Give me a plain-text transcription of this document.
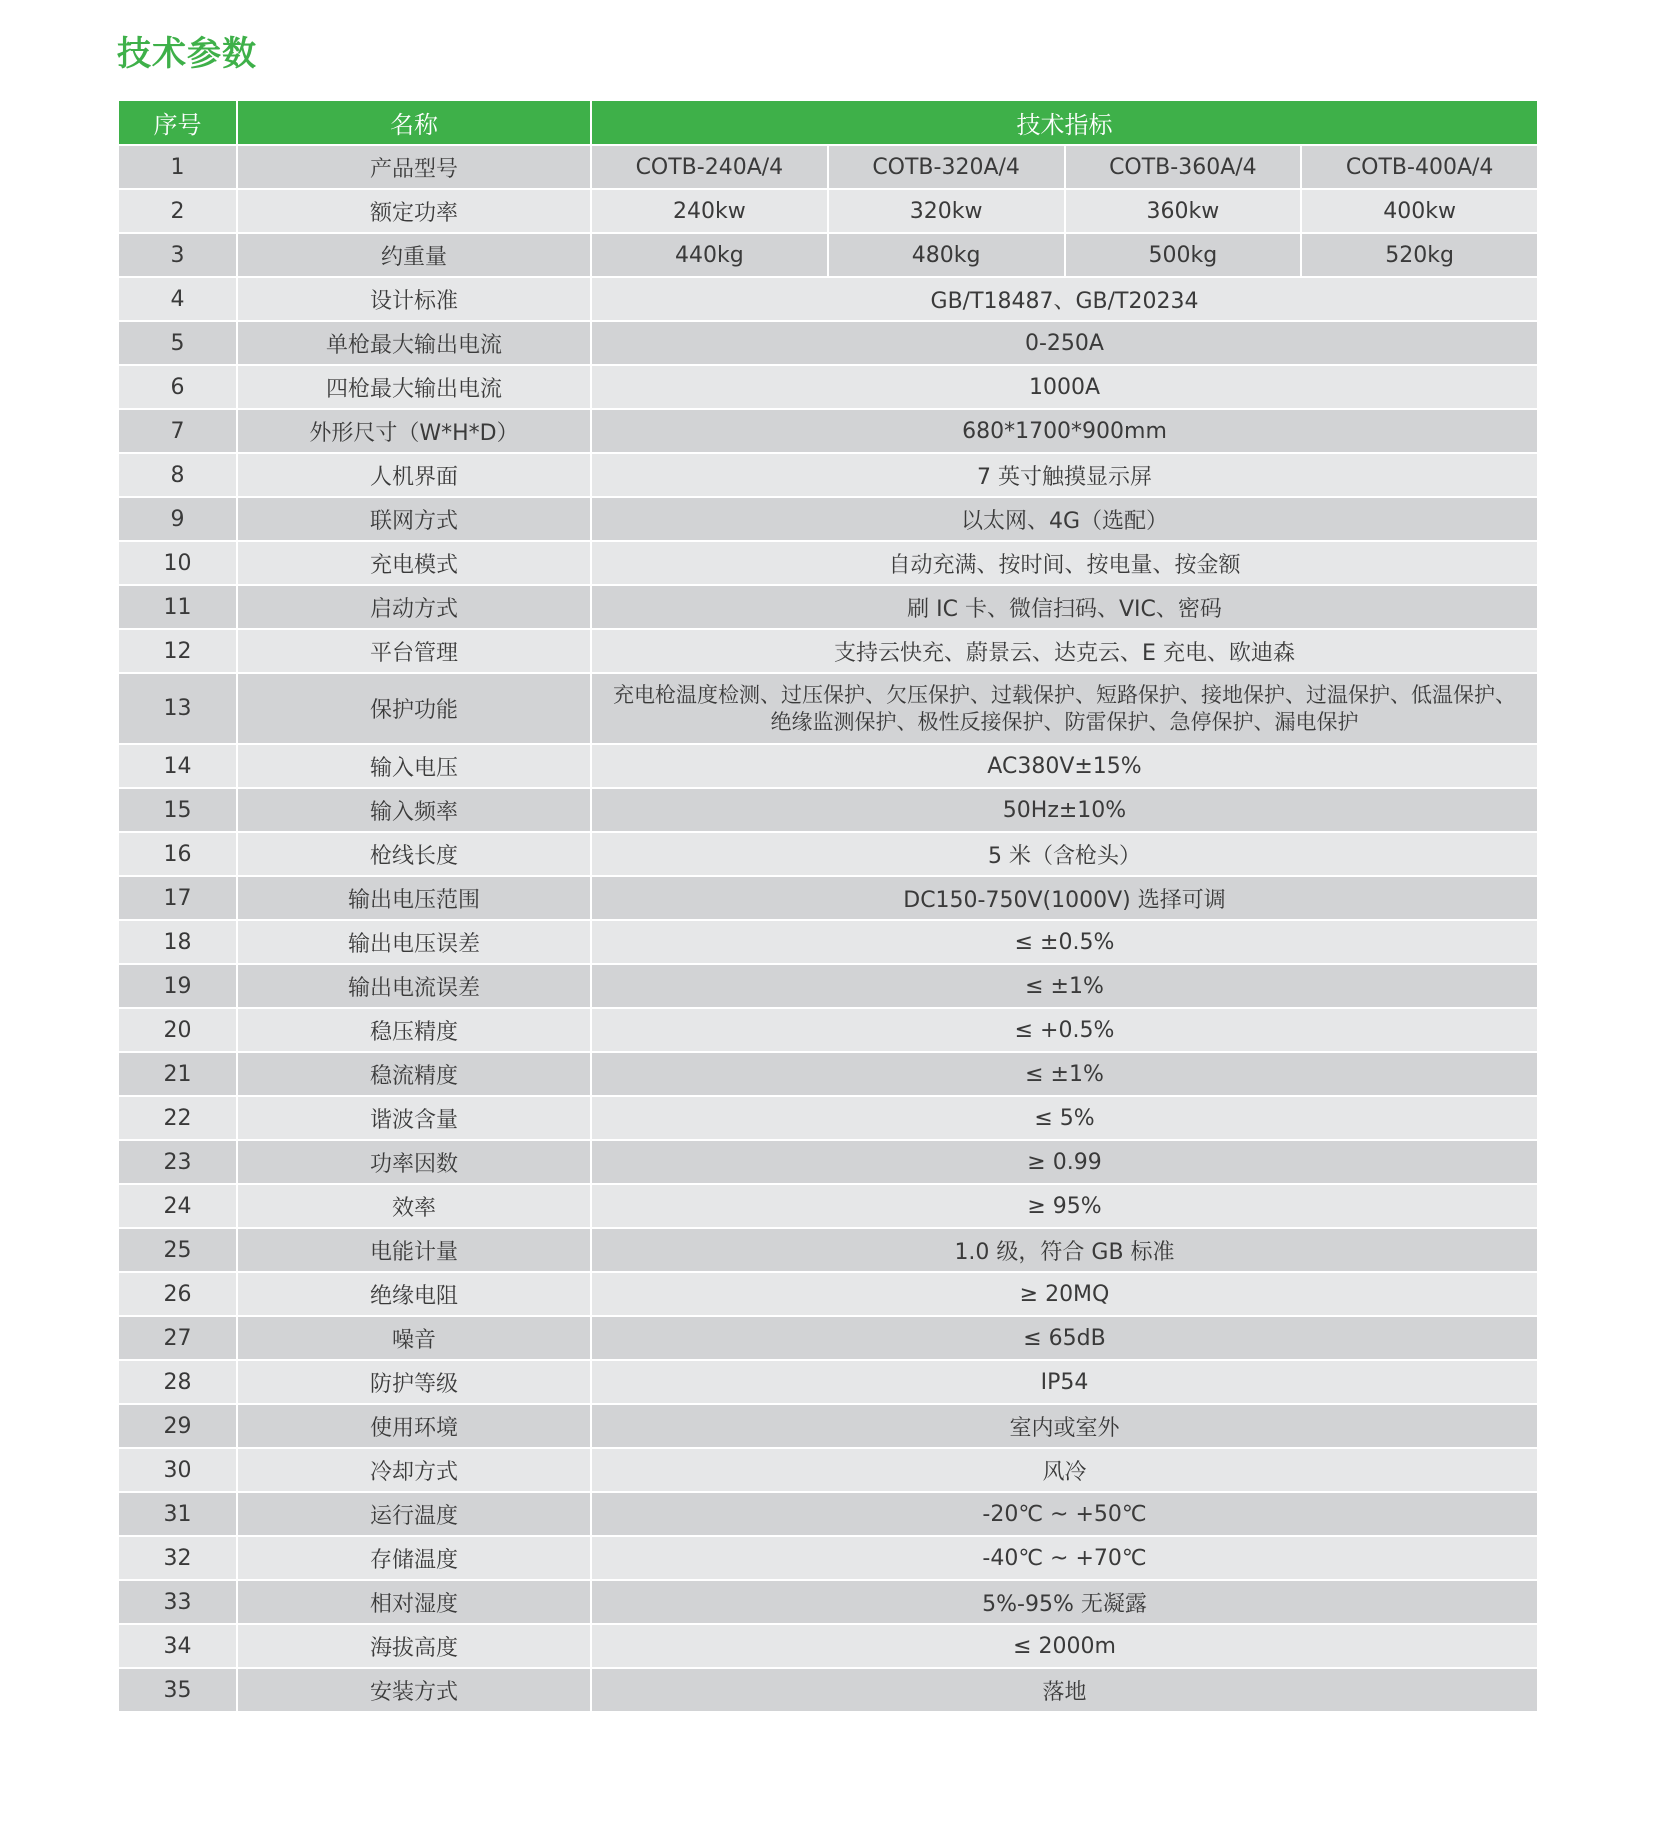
技术参数
序号	名称	技术指标			
1	产品型号	COTB-240A/4	COTB-320A/4	COTB-360A/4	COTB-400A/4
2	额定功率	240kw	320kw	360kw	400kw
3	约重量	440kg	480kg	500kg	520kg
4	设计标准	GB/T18487、GB/T20234			
5	单枪最大输出电流	0-250A			
6	四枪最大输出电流	1000A			
7	外形尺寸（W*H*D）	680*1700*900mm			
8	人机界面	7 英寸触摸显示屏			
9	联网方式	以太网、4G（选配）			
10	充电模式	自动充满、按时间、按电量、按金额			
11	启动方式	刷 IC 卡、微信扫码、VIC、密码			
12	平台管理	支持云快充、蔚景云、达克云、E 充电、欧迪森			
13	保护功能	充电枪温度检测、过压保护、欠压保护、过载保护、短路保护、接地保护、过温保护、低温保护、
绝缘监测保护、极性反接保护、防雷保护、急停保护、漏电保护			

14	输入电压	AC380V±15%			
15	输入频率	50Hz±10%			
16	枪线长度	5 米（含枪头）			
17	输出电压范围	DC150-750V(1000V) 选择可调			
18	输出电压误差	≤ ±0.5%			
19	输出电流误差	≤ ±1%			
20	稳压精度	≤ +0.5%			
21	稳流精度	≤ ±1%			
22	谐波含量	≤ 5%			
23	功率因数	≥ 0.99			
24	效率	≥ 95%			
25	电能计量	1.0 级，符合 GB 标准			
26	绝缘电阻	≥ 20MQ			
27	噪音	≤ 65dB			
28	防护等级	IP54			
29	使用环境	室内或室外			
30	冷却方式	风冷			
31	运行温度	-20℃ ~ +50℃			
32	存储温度	-40℃ ~ +70℃			
33	相对湿度	5%-95% 无凝露			
34	海拔高度	≤ 2000m			
35	安装方式	落地			
